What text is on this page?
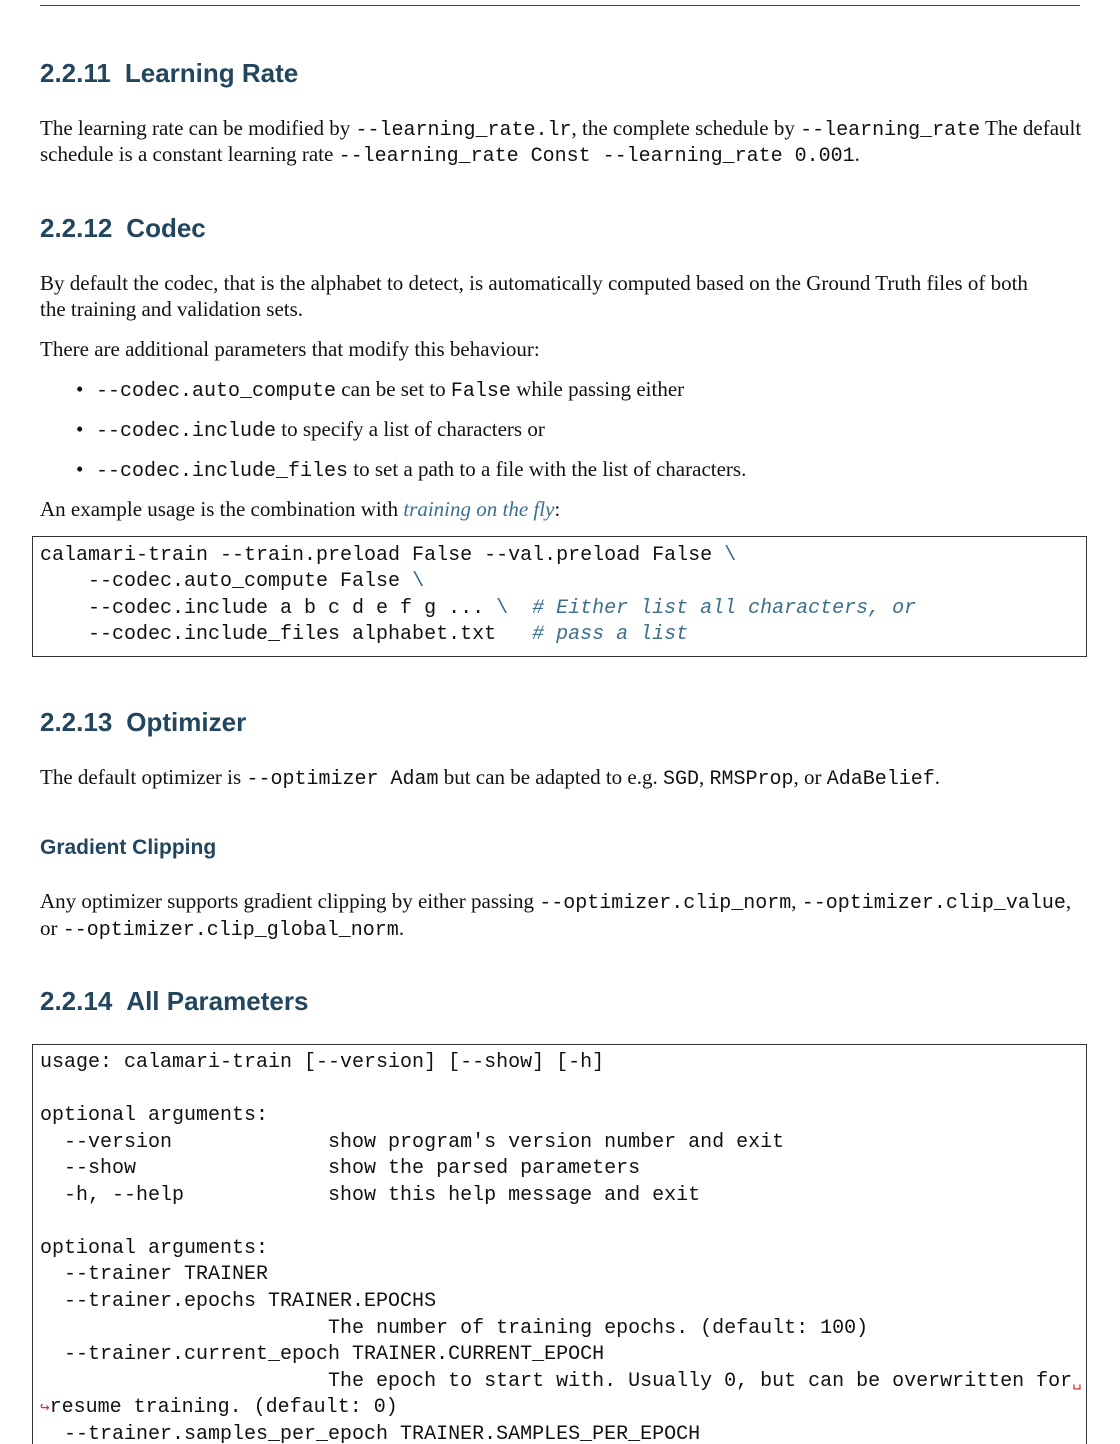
2.2.11 Learning Rate
The learning rate can be modified by --learning_rate.lr, the complete schedule by --learning_rate The default
schedule is a constant learning rate --learning_rate Const --learning_rate 0.001.
2.2.12 Codec
By default the codec, that is the alphabet to detect, is automatically computed based on the Ground Truth files of both
the training and validation sets.
There are additional parameters that modify this behaviour:
• --codec.auto_compute can be set to False while passing either
• --codec.include to specify a list of characters or
• --codec.include_files to set a path to a file with the list of characters.
An example usage is the combination with training on the fly:
calamari-train --train.preload False --val.preload False \
--codec.auto_compute False \
--codec.include a b c d e f g ... \  # Either list all characters, or
--codec.include_files alphabet.txt   # pass a list
2.2.13 Optimizer
The default optimizer is --optimizer Adam but can be adapted to e.g. SGD, RMSProp, or AdaBelief.
Gradient Clipping
Any optimizer supports gradient clipping by either passing --optimizer.clip_norm, --optimizer.clip_value,
or --optimizer.clip_global_norm.
2.2.14 All Parameters
usage: calamari-train [--version] [--show] [-h]
optional arguments:
--version             show program's version number and exit
--show                show the parsed parameters
-h, --help            show this help message and exit
optional arguments:
--trainer TRAINER
--trainer.epochs TRAINER.EPOCHS
The number of training epochs. (default: 100)
--trainer.current_epoch TRAINER.CURRENT_EPOCH
The epoch to start with. Usually 0, but can be overwritten for␣
↪resume training. (default: 0)
--trainer.samples_per_epoch TRAINER.SAMPLES_PER_EPOCH
